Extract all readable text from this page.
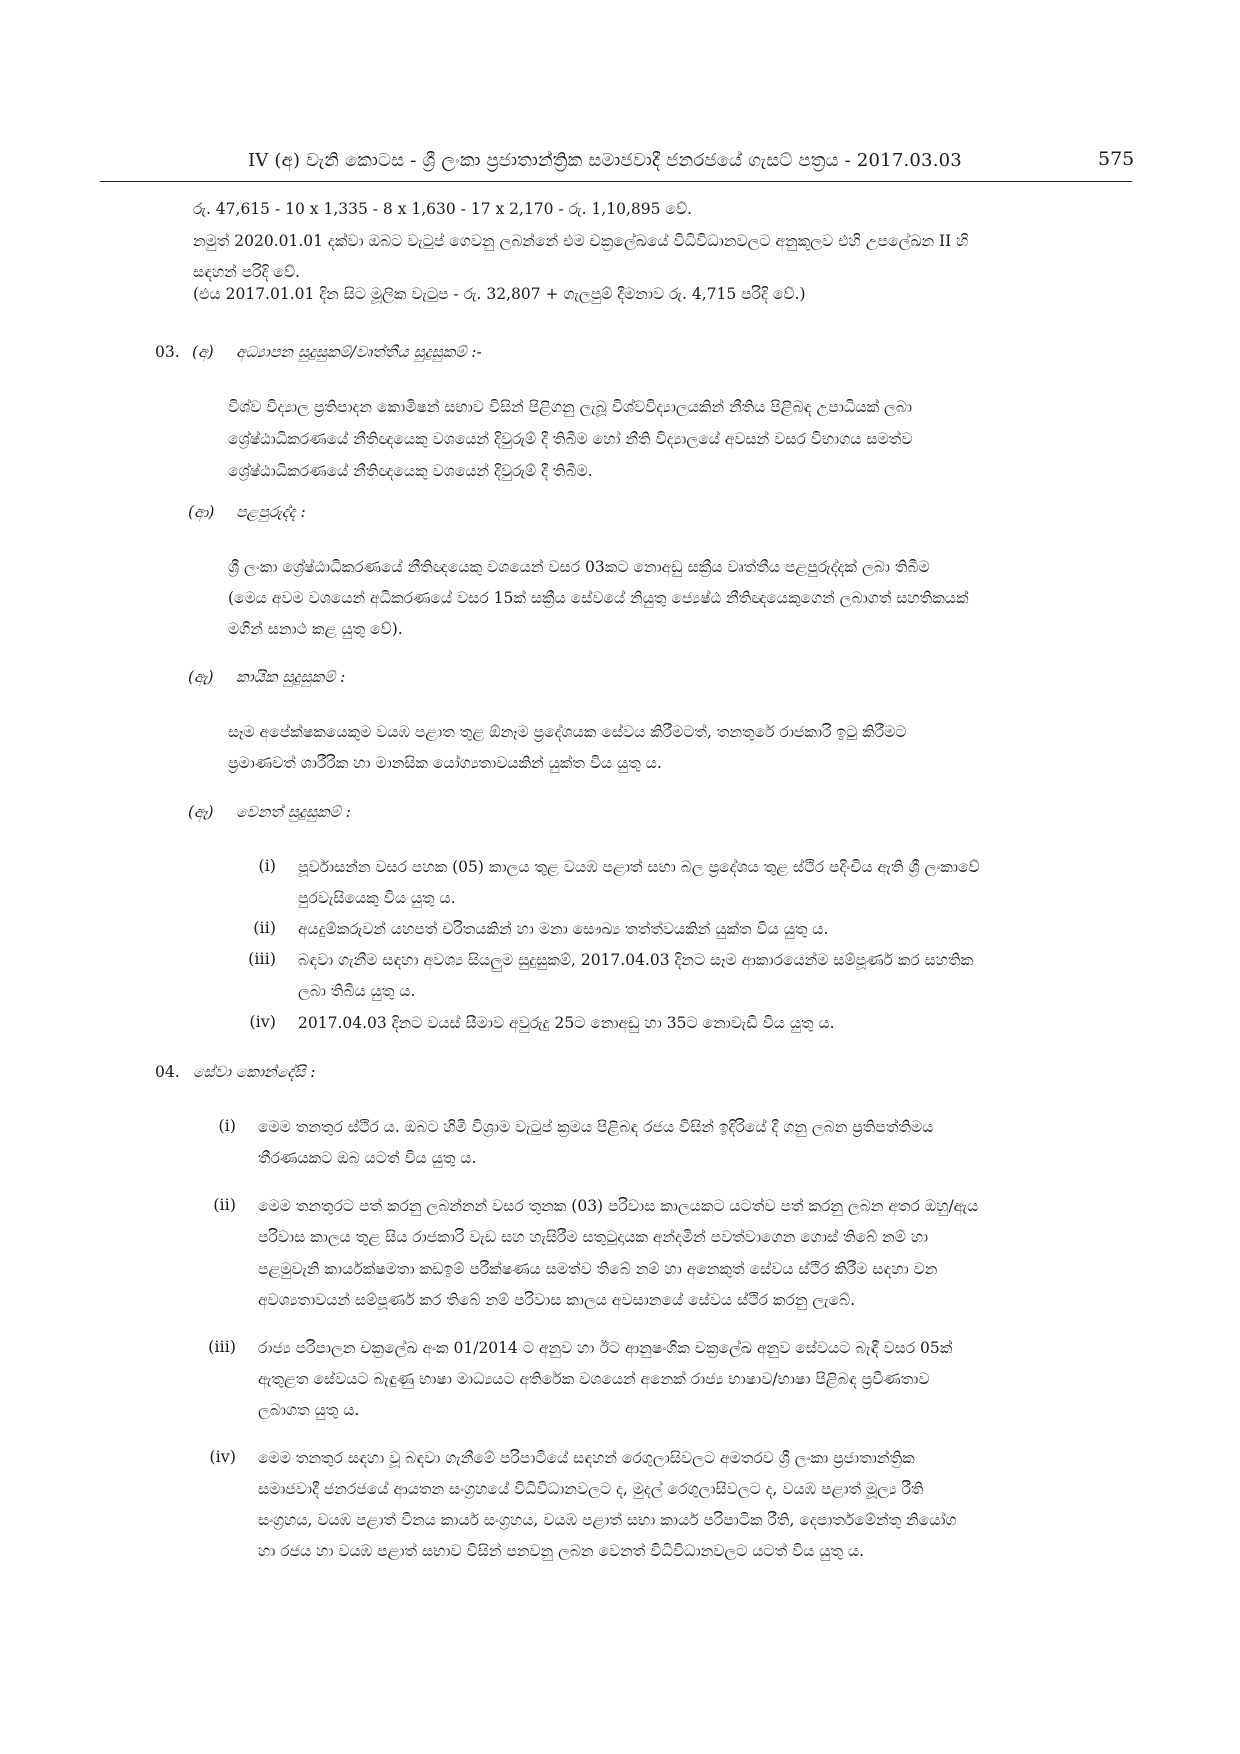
IV (අ) වැනි කොටස - ශ්‍රී ලංකා ප්‍රජාතාන්ත්‍රික සමාජවාදී ජනරජයේ ගැසට් පත්‍රය - 2017.03.03	575
රු. 47,615 - 10 x 1,335 - 8 x 1,630 - 17 x 2,170 - රු. 1,10,895 වේ.
නමුත් 2020.01.01 දක්වා ඔබට වැටුප් ගෙවනු ලබන්නේ එම චක්‍රලේඛයේ විධිවිධානවලට අනුකූලව එහි උපලේඛන II හි
සඳහන් පරිදි වේ.
(එය 2017.01.01 දින සිට මූලික වැටුප - රු. 32,807 + ගැලපුම් දීමනාව රු. 4,715 පරිදි වේ.)
03. (අ) අධ්‍යාපන සුදුසුකම්/වෘත්තීය සුදුසුකම් :-
විශ්ව විද්‍යාල ප්‍රතිපාදන කොමිෂන් සභාව විසින් පිළිගනු ලැබූ විශ්වවිද්‍යාලයකින් නීතිය පිළිබඳ උපාධියක් ලබා
ශ්‍රේෂ්ඨාධිකරණයේ නීතිඥයෙකු වශයෙන් දිවුරුම් දී තිබීම හෝ නීති විද්‍යාලයේ අවසන් වසර විභාගය සමත්ව
ශ්‍රේෂ්ඨාධිකරණයේ නීතිඥයෙකු වශයෙන් දිවුරුම් දී තිබීම.
(ආ) පළපුරුද්ද :
ශ්‍රී ලංකා ශ්‍රේෂ්ඨාධිකරණයේ නීතිඥයෙකු වශයෙන් වසර 03කට නොඅඩු සක්‍රීය වෘත්තීය පළපුරුද්දක් ලබා තිබීම
(මෙය අවම වශයෙන් අධිකරණයේ වසර 15ක් සක්‍රීය සේවයේ නියුතු ජ්‍යෙෂ්ඨ නීතිඥයෙකුගෙන් ලබාගත් සහතිකයක්
මගින් සනාථ කළ යුතු වේ).
(ඇ) කායික සුදුසුකම් :
සෑම අපේක්ෂකයෙකුම වයඹ පළාත තුළ ඕනෑම ප්‍රදේශයක සේවය කිරීමටත්, තනතුරේ රාජකාරි ඉටු කිරීමට
ප්‍රමාණවත් ශාරීරික හා මානසික යෝග්‍යතාවයකින් යුක්ත විය යුතු ය.
(ඈ) වෙනත් සුදුසුකම් :
(i) පූර්වාසන්න වසර පහක (05) කාලය තුළ වයඹ පළාත් සභා බල ප්‍රදේශය තුළ ස්ථිර පදිංචිය ඇති ශ්‍රී ලංකාවේ
පුරවැසියෙකු විය යුතු ය.
(ii) අයදුම්කරුවන් යහපත් චරිතයකින් හා මනා සෞඛ්‍ය තත්ත්වයකින් යුක්ත විය යුතු ය.
(iii) බඳවා ගැනීම සඳහා අවශ්‍ය සියලුම සුදුසුකම්, 2017.04.03 දිනට සෑම ආකාරයෙන්ම සම්පූර්ණ කර සහතික
ලබා තිබිය යුතු ය.
(iv) 2017.04.03 දිනට වයස් සීමාව අවුරුදු 25ට නොඅඩු හා 35ට නොවැඩි විය යුතු ය.
04. සේවා කොන්දේසි :
(i) මෙම තනතුර ස්ථිර ය. ඔබට හිමි විශ්‍රාම වැටුප් ක්‍රමය පිළිබඳ රජය විසින් ඉදිරියේ දී ගනු ලබන ප්‍රතිපත්තිමය
තීරණයකට ඔබ යටත් විය යුතු ය.
(ii) මෙම තනතුරට පත් කරනු ලබන්නන් වසර තුනක (03) පරිවාස කාලයකට යටත්ව පත් කරනු ලබන අතර ඔහු/ඇය
පරිවාස කාලය තුළ සිය රාජකාරි වැඩ සහ හැසිරීම සතුටුදායක අන්දමින් පවත්වාගෙන ගොස් තිබේ නම් හා
පළමුවැනි කාර්යක්ෂමතා කඩඉම් පරීක්ෂණය සමත්ව තිබේ නම් හා අනෙකුත් සේවය ස්ථිර කිරීම සඳහා වන
අවශ්‍යතාවයන් සම්පූර්ණ කර තිබේ නම් පරිවාස කාලය අවසානයේ සේවය ස්ථිර කරනු ලැබේ.
(iii) රාජ්‍ය පරිපාලන චක්‍රලේඛ අංක 01/2014 ට අනුව හා ඊට ආනුෂංගික චක්‍රලේඛ අනුව සේවයට බැඳී වසර 05ක්
ඇතුළත සේවයට බැඳුණු භාෂා මාධ්‍යයට අතිරේක වශයෙන් අනෙක් රාජ්‍ය භාෂාව/භාෂා පිළිබඳ ප්‍රවීණතාව
ලබාගත යුතු ය.
(iv) මෙම තනතුර සඳහා වූ බඳවා ගැනීමේ පරිපාටියේ සඳහන් රෙගුලාසිවලට අමතරව ශ්‍රී ලංකා ප්‍රජාතාන්ත්‍රික
සමාජවාදී ජනරජයේ ආයතන සංග්‍රහයේ විධිවිධානවලට ද, මුදල් රෙගුලාසිවලට ද, වයඹ පළාත් මූල්‍ය රීති
සංග්‍රහය, වයඹ පළාත් විනය කාර්ය සංග්‍රහය, වයඹ පළාත් සභා කාර්ය පරිපාටික රීති, දෙපාර්තමේන්තු නියෝග
හා රජය හා වයඹ පළාත් සභාව විසින් පනවනු ලබන වෙනත් විධිවිධානවලට යටත් විය යුතු ය.
